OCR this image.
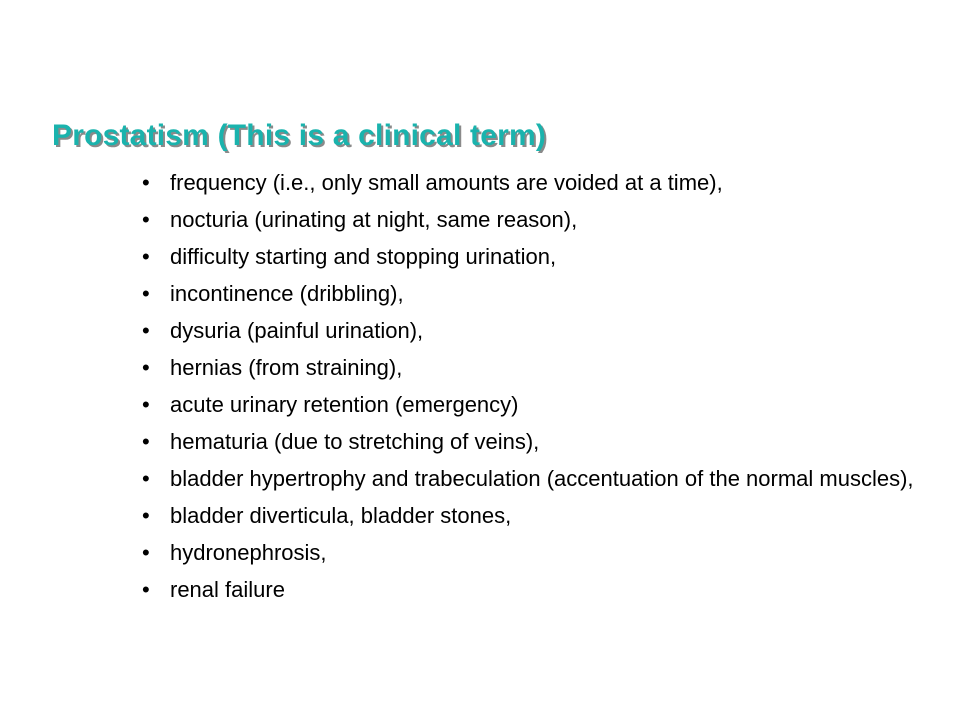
Prostatism (This is a clinical term)
• frequency (i.e., only small amounts are voided at a time),
• nocturia (urinating at night, same reason),
• difficulty starting and stopping urination,
• incontinence (dribbling),
• dysuria (painful urination),
• hernias (from straining),
• acute urinary retention (emergency)
• hematuria (due to stretching of veins),
• bladder hypertrophy and trabeculation (accentuation of the normal muscles),
• bladder diverticula, bladder stones,
• hydronephrosis,
• renal failure
